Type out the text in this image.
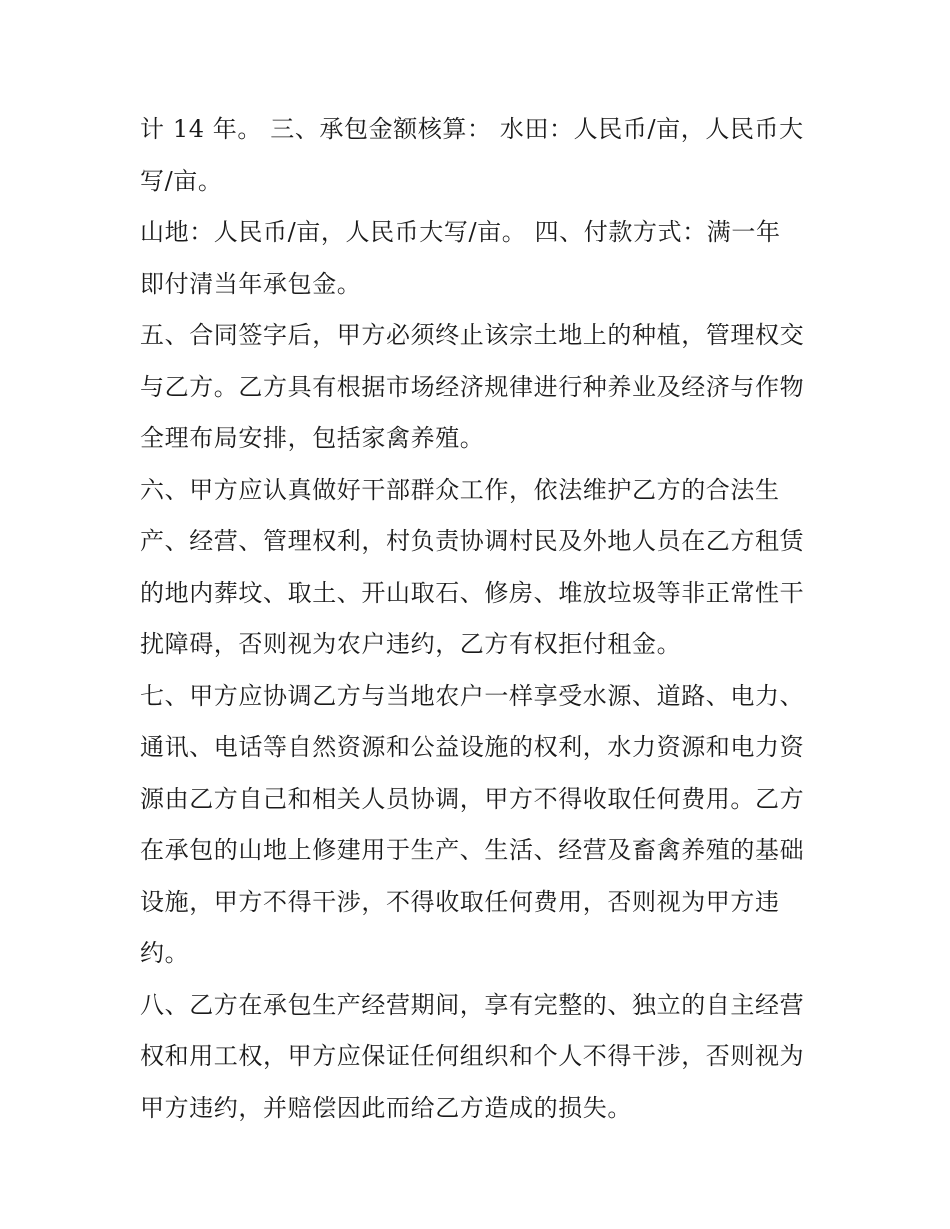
计 14 年。 三、承包金额核算： 水田：人民币/亩，人民币大
写/亩。

山地：人民币/亩，人民币大写/亩。 四、付款方式：满一年
即付清当年承包金。

五、合同签字后，甲方必须终止该宗土地上的种植，管理权交
与乙方。乙方具有根据市场经济规律进行种养业及经济与作物
全理布局安排，包括家禽养殖。

六、甲方应认真做好干部群众工作，依法维护乙方的合法生
产、经营、管理权利，村负责协调村民及外地人员在乙方租赁
的地内葬坟、取土、开山取石、修房、堆放垃圾等非正常性干
扰障碍，否则视为农户违约，乙方有权拒付租金。

七、甲方应协调乙方与当地农户一样享受水源、道路、电力、
通讯、电话等自然资源和公益设施的权利，水力资源和电力资
源由乙方自己和相关人员协调，甲方不得收取任何费用。乙方
在承包的山地上修建用于生产、生活、经营及畜禽养殖的基础
设施，甲方不得干涉，不得收取任何费用，否则视为甲方违
约。

八、乙方在承包生产经营期间，享有完整的、独立的自主经营
权和用工权，甲方应保证任何组织和个人不得干涉，否则视为
甲方违约，并赔偿因此而给乙方造成的损失。
